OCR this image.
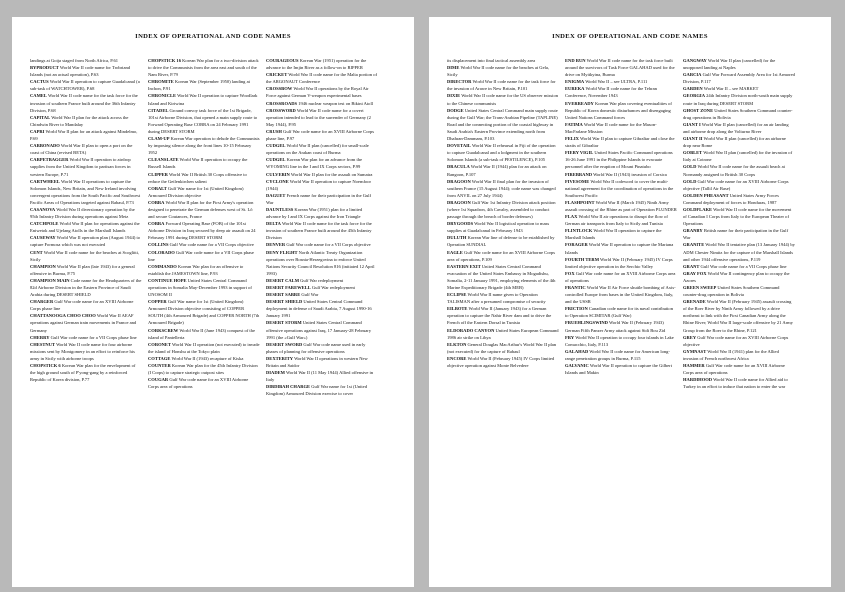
INDEX OF OPERATIONAL AND CODE NAMES
landings at Goija staged from North Africa, P.61
BYPRODUCT World War II code name for Trobriand Islands (not an actual operation), P.63
CACTUS World War II operation to capture Guadalcanal (a sub-task of WATCHTOWER), P.68
CAMEL World War II code name for the task force for the invasion of southern France built around the 36th Infantry Division, P.68
CAPITAL World War II plan for the attack across the Chindwin River to Mandalay
CAPRI World War II plan for an attack against Mindelmo, P.69
CARBONADO World War II plan to open a port on the coast of China (revised BETA)
CARPETBAGGER World War II operation to airdrop supplies from the United Kingdom to partisan forces in western Europe, P.71
CARTWHEEL World War II operations to capture the Solomon Islands, New Britain, and New Ireland involving convergent operations from the South Pacific and Southwest Pacific Areas of Operations targeted against Rabaul, P.73
CASANOVA World War II diversionary operation by the 95th Infantry Division during operations against Metz
CATCHPOLE World War II plan for operations against the Eniwetok and Ujelang Atolls in the Marshall Islands
CAUSEWAY World War II operation plan (August 1944) to capture Formosa which was not executed
CENT World War II code name for the beaches at Scoglitti, Sicily
CHAMPION World War II plan (late 1943) for a general offensive in Burma, P.75
CHAMPION MAIN Code name for the Headquarters of the 82d Airborne Division in the Eastern Province of Saudi Arabia during DESERT SHIELD
CHARGER Gulf War code name for an XVIII Airborne Corps phase line
CHATTANOOGA CHOO CHOO World War II AEAF operations against German train movements in France and Germany
CHERRY Gulf War code name for a VII Corps phase line
CHESTNUT World War II code name for four airborne missions sent by Montgomery in an effort to reinforce his army in Sicily with airborne troops
CHOPSTICK 6 Korean War plan for the envelopment of the high ground south of P'yong-gang by a reinforced Republic of Korea division, P.77
CHOPSTICK 16 Korean War plan for a two-division attack to drive the Communists from the area east and south of the Nam River, P.79
CHROMITE Korean War (September 1950) landing at Inchon, P.91
CHRONICLE World War II operation to capture Woodlark Island and Kiriwina
CITADEL Ground convoy task force of the 1st Brigade, 101st Airborne Division, that opened a main supply route to Forward Operating Base COBRA on 24 February 1991 during DESERT STORM
CLAM-UP Korean War operation to delude the Communists by imposing silence along the front lines 10-15 February 1952
CLEANSLATE World War II operation to occupy the Russell Islands
CLIPPER World War II British 30 Corps offensive to reduce the Geilenkirchen salient
COBALT Gulf War name for 1st (United Kingdom) Armoured Division objective
COBRA World War II plan for the First Army's operation designed to penetrate the German defenses west of St. Lô and secure Coutances, France
COBRA Forward Operating Base (FOB) of the 101st Airborne Division in Iraq secured by deep air assault on 24 February 1991 during DESERT STORM
COLLINS Gulf War code name for a VII Corps objective
COLORADO Gulf War code name for a VII Corps phase line
COMMANDO Korean War plan for an offensive to establish the JAMESTOWN line, P.93
CONTINUE HOPE United States Central Command operations in Somalia May-December 1993 in support of UNOSOM II
COPPER Gulf War name for 1st (United Kingdom) Armoured Division objective consisting of COPPER SOUTH (4th Armoured Brigade) and COPPER NORTH (7th Armoured Brigade)
CORKSCREW World War II (June 1943) conquest of the island of Pantelleria
CORONET World War II operation (not executed) to invade the island of Honshu at the Tokyo plain
COTTAGE World War II (1943) recapture of Kiska
COUNTER Korean War plan for the 45th Infantry Division (I Corps) to capture strategic outpost sites
COUGAR Gulf War code name for an XVIII Airborne Corps area of operations
COURAGEOUS Korean War (1951) operation for the advance to the Imjin River as a follow-on to RIPPER
CRICKET World War II code name for the Malta portion of the ARGONAUT Conference
CROSSBOW World War II operations by the Royal Air Force against German V-weapon experimental bases
CROSSROADS 1946 nuclear weapon test on Bikini Atoll
CROSSWORD World War II code name for a covert operation intended to lead to the surrender of Germany (2 May 1944), P.95
CRUSH Gulf War code name for an XVIII Airborne Corps phase line, P.97
CUDGEL World War II plan (cancelled) for small-scale operations on the Arakan coast of Burma
CUDGEL Korean War plan for an advance from the WYOMING line in the I and IX Corps sectors, P.99
CULVERIN World War II plan for the assault on Sumatra
CYCLONE World War II operation to capture Noemfoor (1944)
DAGUET French name for their participation in the Gulf War
DAUNTLESS Korean War (1951) plan for a limited advance by I and IX Corps against the Iron Triangle
DELTA World War II code name for the task force for the invasion of southern France built around the 45th Infantry Division
DENVER Gulf War code name for a VII Corps objective
DENY FLIGHT North Atlantic Treaty Organization operations over Bosnia-Herzegovina to enforce United Nations Security Council Resolution 816 (initiated 12 April 1993)
DESERT CALM Gulf War redeployment
DESERT FAREWELL Gulf War redeployment
DESERT SABRE Gulf War
DESERT SHIELD United States Central Command deployment in defense of Saudi Arabia, 7 August 1990-16 January 1991
DESERT STORM United States Central Command offensive operations against Iraq, 17 January-28 February 1991 (the «Gulf War»)
DESERT SWORD Gulf War code name used in early phases of planning for offensive operations
DEXTERITY World War II operations in western New Britain and Saidor
DIADEM World War II (11 May 1944) Allied offensive in Italy
DIBDIBAH CHARGE Gulf War name for 1st (United Kingdom) Armoured Division exercise to cover
INDEX OF OPERATIONAL AND CODE NAMES
its displacement into final tactical assembly area
DIME World War II code name for the beaches at Gela, Sicily
DIRECTOR World War II code name for the task force for the invasion of Arawe in New Britain, P.101
DIXIE World War II code name for the US observer mission to the Chinese communists
DODGE United States Central Command main supply route during the Gulf War; the Trans-Arabian Pipeline (TAPLINE) Road and the connecting portion of the coastal highway in Saudi Arabia's Eastern Province extending north from Dhahran-Dammam, P.103
DOVETAIL World War II rehearsal in Fiji of the operation to capture Guadalcanal and a lodgment in the southern Solomon Islands (a sub-task of PESTILENCE), P.105
DRACULA World War II (1944) plan for an attack on Rangoon, P.107
DRAGOON World War II final plan for the invasion of southern France (15 August 1944); code name was changed from ANVIL on 27 July 1944)
DRAGOON Gulf War 1st Infantry Division attack position (where 1st Squadron, 4th Cavalry, assembled to conduct passage through the breach of border defenses)
DRYGOODS World War II logistical operation to mass supplies at Guadalcanal in February 1943
DULUTH Korean War line of defense to be established by Operation SUNDIAL
EAGLE Gulf War code name for an XVIII Airborne Corps area of operations, P.109
EASTERN EXIT United States Central Command evacuation of the United States Embassy in Mogadishu, Somalia, 2-11 January 1991, employing elements of the 4th Marine Expeditionary Brigade (4th MEB)
ECLIPSE World War II name given to Operation TALISMAN after a presumed compromise of security
EILBOTE World War II (January 1943) for a German operation to capture the Nahir River dam and to drive the French off the Eastern Dorsal in Tunisia
ELDORADO CANYON United States European Command 1986 air strike on Libya
ELKTON General Douglas MacArthur's World War II plan (not executed) for the capture of Rabaul
ENCORE World War II (February 1945) IV Corps limited objective operation against Monte Belvedere
END RUN World War II code name for the task force built around the survivors of Task Force GALAHAD used for the drive on Myitkyina, Burma
ENIGMA World War II – see ULTRA, P.111
EUREKA World War II code name for the Tehran Conference, November 1943
EVERREADY Korean War plan covering eventualities of Republic of Korea domestic disturbances and disengaging United Nations Command forces
FATIMA World War II code name for the Mason-MacFarlane Mission
FELIX World War II plan to capture Gibraltar and close the straits of Gibraltar
FIERY VIGIL United States Pacific Command operations 16-26 June 1991 in the Philippine Islands to evacuate personnel after the eruption of Mount Pinatubo
FIREBRAND World War II (1943) invasion of Corsica
FIVESOME World War II codeword to cover the multi-national agreement for the coordination of operations in the Southwest Pacific
FLASHPOINT World War II (March 1945) Ninth Army assault crossing of the Rhine as part of Operation PLUNDER
FLAX World War II air operations to disrupt the flow of German air transports from Italy to Sicily and Tunisia
FLINTLOCK World War II operation to capture the Marshall Islands
FORAGER World War II operation to capture the Mariana Islands
FOURTH TERM World War II (February 1945) IV Corps limited objective operation in the Serchio Valley
FOX Gulf War code name for an XVIII Airborne Corps area of operations
FRANTIC World War II Air Force shuttle bombing of Axis-controlled Europe from bases in the United Kingdom, Italy, and the USSR
FRICTION Canadian code name for its naval contribution to Operation SCIMITAR (Gulf War)
FRUEHLINGSWIND World War II (February 1943) German Fifth Panzer Army attack against Sidi Bou Zid
FRY World War II operation to occupy four islands in Lake Comacchio, Italy, P.113
GALAHAD World War II code name for American long-range penetration groups in Burma, P.115
GALVANIC World War II operation to capture the Gilbert Islands and Makin
GANGWAY World War II plan (cancelled) for the unopposed landing at Naples
GARCIA Gulf War Forward Assembly Area for 1st Armored Division, P.117
GARDEN World War II – see MARKET
GEORGIA 24th Infantry Division north-south main supply route in Iraq during DESERT STORM
GHOST ZONE United States Southern Command counter-drug operations in Bolivia
GIANT I World War II plan (cancelled) for an air landing and airborne drop along the Volturno River
GIANT II World War II plan (cancelled) for an airborne drop near Rome
GOBLET World War II plan (cancelled) for the invasion of Italy at Cotrone
GOLD World War II code name for the assault beach at Normandy assigned to British 30 Corps
GOLD Gulf War code name for an XVIII Airborne Corps objective (Tallil Air Base)
GOLDEN PHEASANT United States Army Forces Command deployment of forces to Honduras, 1987
GOLDFLAKE World War II code name for the movement of Canadian I Corps from Italy to the European Theater of Operations
GRANBY British name for their participation in the Gulf War
GRANITE World War II tentative plan (13 January 1944) by ADM Chester Nimitz for the capture of the Marshall Islands and other 1944 offensive operations, P.119
GRANT Gulf War code name for a VII Corps phase line
GRAY FOX World War II contingency plan to occupy the Azores
GREEN SWEEP United States Southern Command counter-drug operation in Bolivia
GRENADE World War II (February 1945) assault crossing of the Roer River by Ninth Army followed by a drive northeast to link with the First Canadian Army along the Rhine River; World War II large-scale offensive by 21 Army Group from the Roer to the Rhine, P.121
GREY Gulf War code name for an XVIII Airborne Corps objective
GYMNAST World War II (1941) plan for the Allied invasion of French northwest Africa
HAMMER Gulf War code name for an XVIII Airborne Corps area of operations
HARDIHOOD World War II code name for Allied aid to Turkey in an effort to induce that nation to enter the war
